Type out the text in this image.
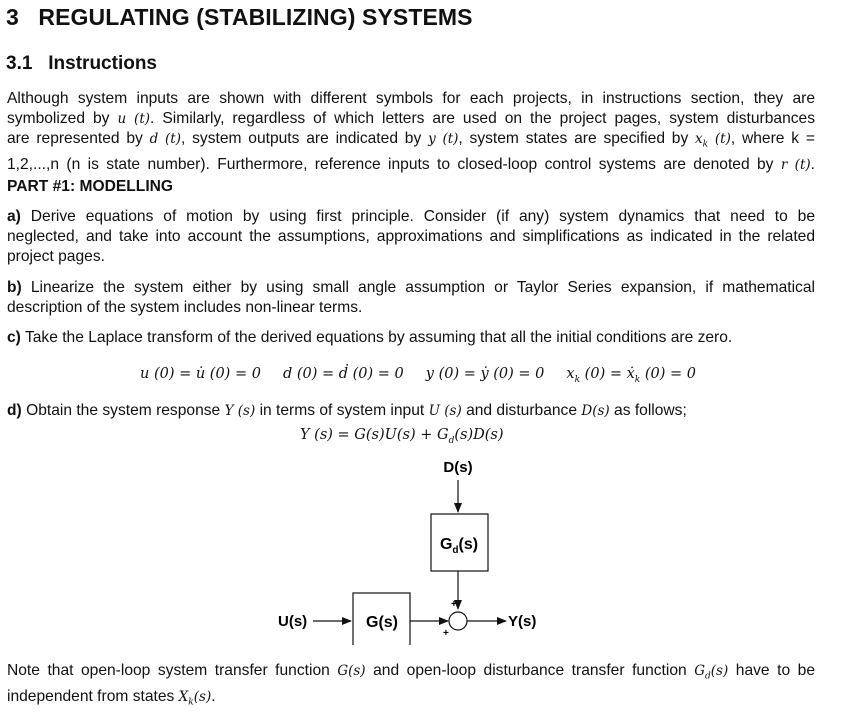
3 REGULATING (STABILIZING) SYSTEMS
3.1 Instructions
Although system inputs are shown with different symbols for each projects, in instructions section, they are
symbolized by u (t). Similarly, regardless of which letters are used on the project pages, system disturbances
are represented by d (t), system outputs are indicated by y (t), system states are specified by $x_k$ (t), where k =
1,2,...,n (n is state number). Furthermore, reference inputs to closed-loop control systems are denoted by r (t).
PART #1: MODELLING
a) Derive equations of motion by using first principle. Consider (if any) system dynamics that need to be
neglected, and take into account the assumptions, approximations and simplifications as indicated in the related
project pages.
b) Linearize the system either by using small angle assumption or Taylor Series expansion, if mathematical
description of the system includes non-linear terms.
c) Take the Laplace transform of the derived equations by assuming that all the initial conditions are zero.
u (0) = u̇ (0) = 0 d (0) = ḋ (0) = 0 y (0) = ẏ (0) = 0 $x_k$ (0) = ẋ$_k$ (0) = 0
d) Obtain the system response Y (s) in terms of system input U (s) and disturbance D(s) as follows;
Y $(s) = G(s)U(s) + G_d(s)D(s)$
D(s)
$G_d(s)$
U(s)	G(s)
+
+
Y(s)
Note that open-loop system transfer function G(s) and open-loop disturbance transfer function $G_d(s)$ have to be
independent from states $X_k(s)$.
